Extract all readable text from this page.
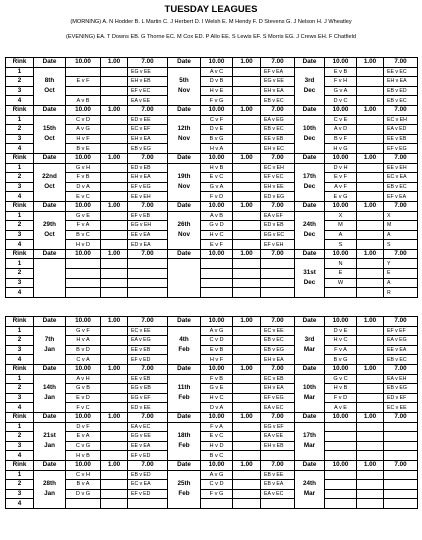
TUESDAY LEAGUES
(MORNING) A. N Hodder B. L Martin C. J Herbert D. I Welsh E. M Hendy F. D Stevens G. J Nelson H. J Wheatley
(EVENING) EA. T Downs EB. G Thorne EC. M Cox ED. P Allo EE. S Lewis EF. S Morris EG. J Crews EH. F Chatfield
Rink	Date	10.00	1.00	7.00	Date	10.00	1.00	7.00	Date	10.00	1.00	7.00
1				EG v EE		A v C		EF v EA		E v B		EE v EC
2	8th	E v F		EH v EB	5th	D v B		EG v EE	3rd	F v H		EH v EA
3	Oct			EF v EC	Nov	H v E		EH v EA	Dec	G v A		EB v ED
4		A v B		EA v EE		F v G		EB v EC		D v C		EB v EC
Rink	Date	10.00	1.00	7.00	Date	10.00	1.00	7.00	Date	10.00	1.00	7.00
1		C v D		ED v EE		C v F		EA v EG		C v E		EC v EH
2	15th	A v G		EC v EF	12th	D v E		EB v EC	10th	A v D		EA v ED
3	Oct	H v F		EH v EA	Nov	B v G		EE v EB	Dec	B v F		EE v EB
4		B v E		EB v EG		H v A		EH v EC		H v G		EF v EG
Rink	Date	10.00	1.00	7.00	Date	10.00	1.00	7.00	Date	10.00	1.00	7.00
1		G v H		ED v EB		H v B		EC v EH		D v H		EE v EH
2	22nd	F v B		EH v EA	19th	E v C		EF v EC	17th	E v F		EC v EA
3	Oct	D v A		EF v EG	Nov	G v A		EH v EE	Dec	A v F		EB v EC
4		E v C		EE v EH		F v D		ED v EG		E v G		EF v EA
Rink	Date	10.00	1.00	7.00	Date	10.00	1.00	7.00	Date	10.00	1.00	7.00
1		G v E		EF v EB		A v B		EA v EF		X		X
2	29th	F v A		EG v EH	26th	G v D		ED v EB	24th	M		M
3	Oct	B v C		EE v EA	Nov	H v C		EG v EC	Dec	A		A
4		H v D		ED v EA		E v F		EF v EH		S		S
Rink	Date	10.00	1.00	7.00	Date	10.00	1.00	7.00	Date	10.00	1.00	7.00
1										N		Y
2									31st	E		E
3									Dec	W		A
4												R
Rink	Date	10.00	1.00	7.00	Date	10.00	1.00	7.00	Date	10.00	1.00	7.00
1		G v F		EC v EE		A v G		EC v EE		D v E		EF v EF
2	7th	H v A		EA v EG	4th	C v D		EB v EC	3rd	H v C		EA v EG
3	Jan	B v D		EE v EB	Feb	E v B		EB v EG	Mar	F v A		EE v EA
4		C v A		EF v ED		H v F		EH v EA		B v G		EB v EC
Rink	Date	10.00	1.00	7.00	Date	10.00	1.00	7.00	Date	10.00	1.00	7.00
1		A v H		EE v EB		F v B		EC v EB		G v C		EA v EH
2	14th	G v B		EG v EB	11th	G v E		EH v EA	10th	H v B		EB v EG
3	Jan	E v D		EG v EF	Feb	H v C		EF v EG	Mar	F v D		ED v EF
4		F v C		ED v EE		D v A		EA v EC		A v E		EC v EE
Rink	Date	10.00	1.00	7.00	Date	10.00	1.00	7.00	Date	10.00	1.00	7.00
1		D v F		EA v EC		F v A		EG v EF				
2	21st	E v A		EG v EE	18th	E v C		EA v EE	17th			
3	Jan	C v G		EE v EA	Feb	H v D		EH v EB	Mar			
4		H v B		EF v ED		B v C						
Rink	Date	10.00	1.00	7.00	Date	10.00	1.00	7.00	Date	10.00	1.00	7.00
1		C v H		EB v ED		A v G		EB v EE				
2	28th	B v A		EC v EA	25th	C v D		EB v EA	24th			
3	Jan	D v G		EF v ED	Feb	F v G		EA v EC	Mar			
4												
